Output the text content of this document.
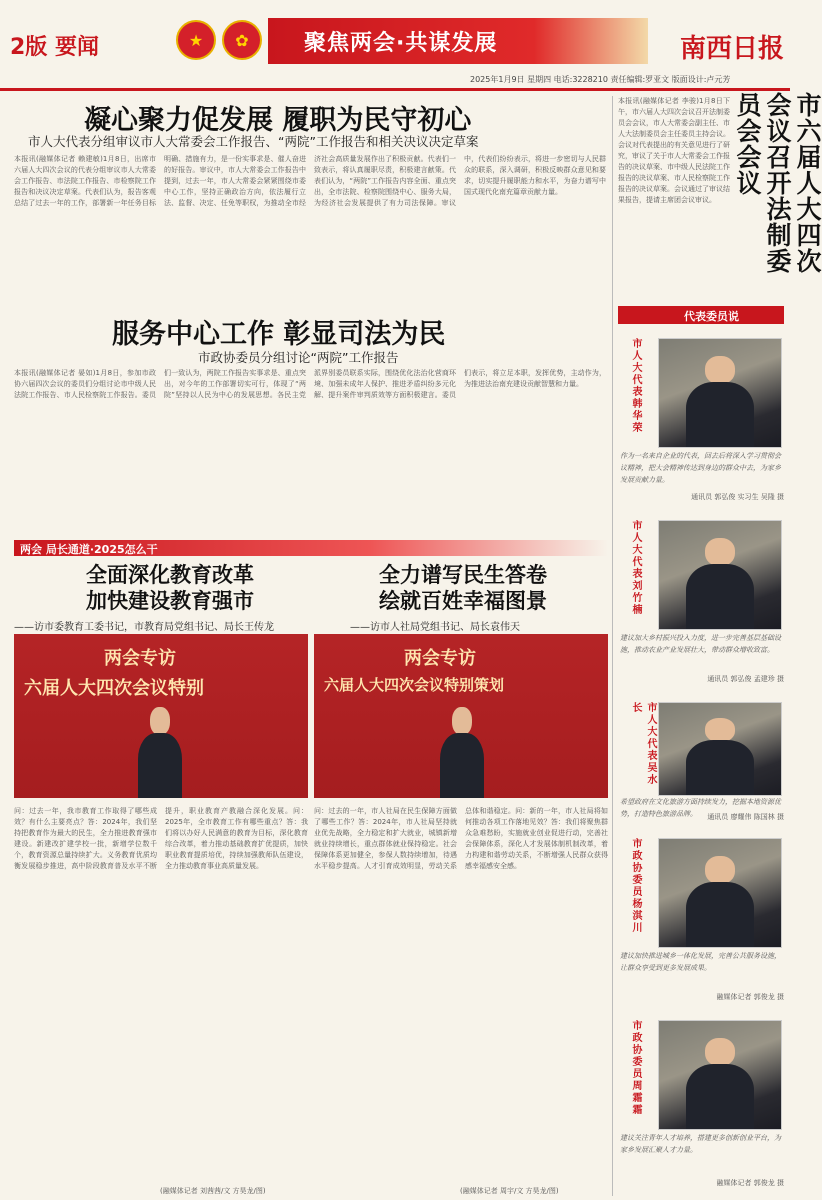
2版 要闻	★	✿	聚焦两会·共谋发展	南西日报
2025年1月9日 星期四 电话:3228210 责任编辑:罗亚文 版面设计:卢元芳
凝心聚力促发展 履职为民守初心
市人大代表分组审议市人大常委会工作报告、“两院”工作报告和相关决议决定草案
本报讯(融媒体记者 赖建敏)1月8日，出席市六届人大四次会议的代表分组审议市人大常委会工作报告、市法院工作报告、市检察院工作报告和决议决定草案。代表们认为，报告客观总结了过去一年的工作，部署新一年任务目标明确、措施有力，是一份实事求是、催人奋进的好报告。审议中，市人大常委会工作报告中提到，过去一年，市人大常委会紧紧围绕市委中心工作，坚持正确政治方向，依法履行立法、监督、决定、任免等职权，为推动全市经济社会高质量发展作出了积极贡献。代表们一致表示，将认真履职尽责，积极建言献策。代表们认为，“两院”工作报告内容全面、重点突出，全市法院、检察院围绕中心、服务大局，为经济社会发展提供了有力司法保障。审议中，代表们纷纷表示，将进一步密切与人民群众的联系，深入调研，积极反映群众意见和要求，切实提升履职能力和水平，为奋力谱写中国式现代化南充篇章贡献力量。
服务中心工作 彰显司法为民
市政协委员分组讨论“两院”工作报告
本报讯(融媒体记者 晏如)1月8日，参加市政协六届四次会议的委员们分组讨论市中级人民法院工作报告、市人民检察院工作报告。委员们一致认为，两院工作报告实事求是、重点突出，对今年的工作部署切实可行，体现了“两院”坚持以人民为中心的发展思想。各民主党派界别委员联系实际，围绕优化法治化营商环境、加强未成年人保护、推进矛盾纠纷多元化解、提升案件审判质效等方面积极建言。委员们表示，将立足本职，发挥优势，主动作为，为推进法治南充建设贡献智慧和力量。
两会 局长通道·2025怎么干
全面深化教育改革
加快建设教育强市
——访市委教育工委书记，市教育局党组书记、局长王传龙
两会专访
六届人大四次会议特别
问：过去一年，我市教育工作取得了哪些成效？有什么主要亮点？答：2024年，我们坚持把教育作为最大的民生，全力推进教育强市建设。新建改扩建学校一批，新增学位数千个，教育资源总量持续扩大。义务教育优质均衡发展稳步推进，高中阶段教育普及水平不断提升，职业教育产教融合深化发展。问：2025年，全市教育工作有哪些重点？答：我们将以办好人民满意的教育为目标，深化教育综合改革，着力推动基础教育扩优提质，加快职业教育提质培优，持续加强教师队伍建设，全力推动教育事业高质量发展。
(融媒体记者 刘茜茜/文 方昊龙/图)
全力谱写民生答卷
绘就百姓幸福图景
——访市人社局党组书记、局长袁伟天
两会专访
六届人大四次会议特别策划
问：过去的一年，市人社局在民生保障方面做了哪些工作？答：2024年，市人社局坚持就业优先战略，全力稳定和扩大就业，城镇新增就业持续增长，重点群体就业保持稳定。社会保障体系更加健全，参保人数持续增加，待遇水平稳步提高。人才引育成效明显，劳动关系总体和谐稳定。问：新的一年，市人社局将如何推动各项工作落地见效？答：我们将聚焦群众急难愁盼，实施就业创业促进行动，完善社会保障体系，深化人才发展体制机制改革，着力构建和谐劳动关系，不断增强人民群众获得感幸福感安全感。
(融媒体记者 周宇/文 方昊龙/图)
本报讯(融媒体记者 李骏)1月8日下午，市六届人大四次会议召开法制委员会会议，市人大常委会副主任、市人大法制委员会主任委员主持会议。会议对代表提出的有关意见进行了研究，审议了关于市人大常委会工作报告的决议草案、市中级人民法院工作报告的决议草案、市人民检察院工作报告的决议草案。会议通过了审议结果报告，提请主席团会议审议。	市六届人大四次会议召开法制委员会会议
代表委员说
市人大代表韩华荣
作为一名来自企业的代表，回去后将深入学习贯彻会议精神，把大会精神传达到身边的群众中去，为家乡发展贡献力量。
通讯员 郭弘俊 实习生 吴隆 摄
市人大代表刘竹楠
建议加大乡村振兴投入力度，进一步完善基层基础设施，推动农业产业发展壮大，带动群众增收致富。
通讯员 郭弘俊 孟建珍 摄
市人大代表吴水长
希望政府在文化旅游方面持续发力，挖掘本地资源优势，打造特色旅游品牌。	通讯员 廖耀伟 陈国林 摄
市政协委员杨淇川
建议加快推进城乡一体化发展，完善公共服务设施，让群众享受到更多发展成果。
融媒体记者 郭俊龙 摄
市政协委员周霜霜
建议关注青年人才培养，搭建更多创新创业平台，为家乡发展汇聚人才力量。
融媒体记者 郭俊龙 摄
